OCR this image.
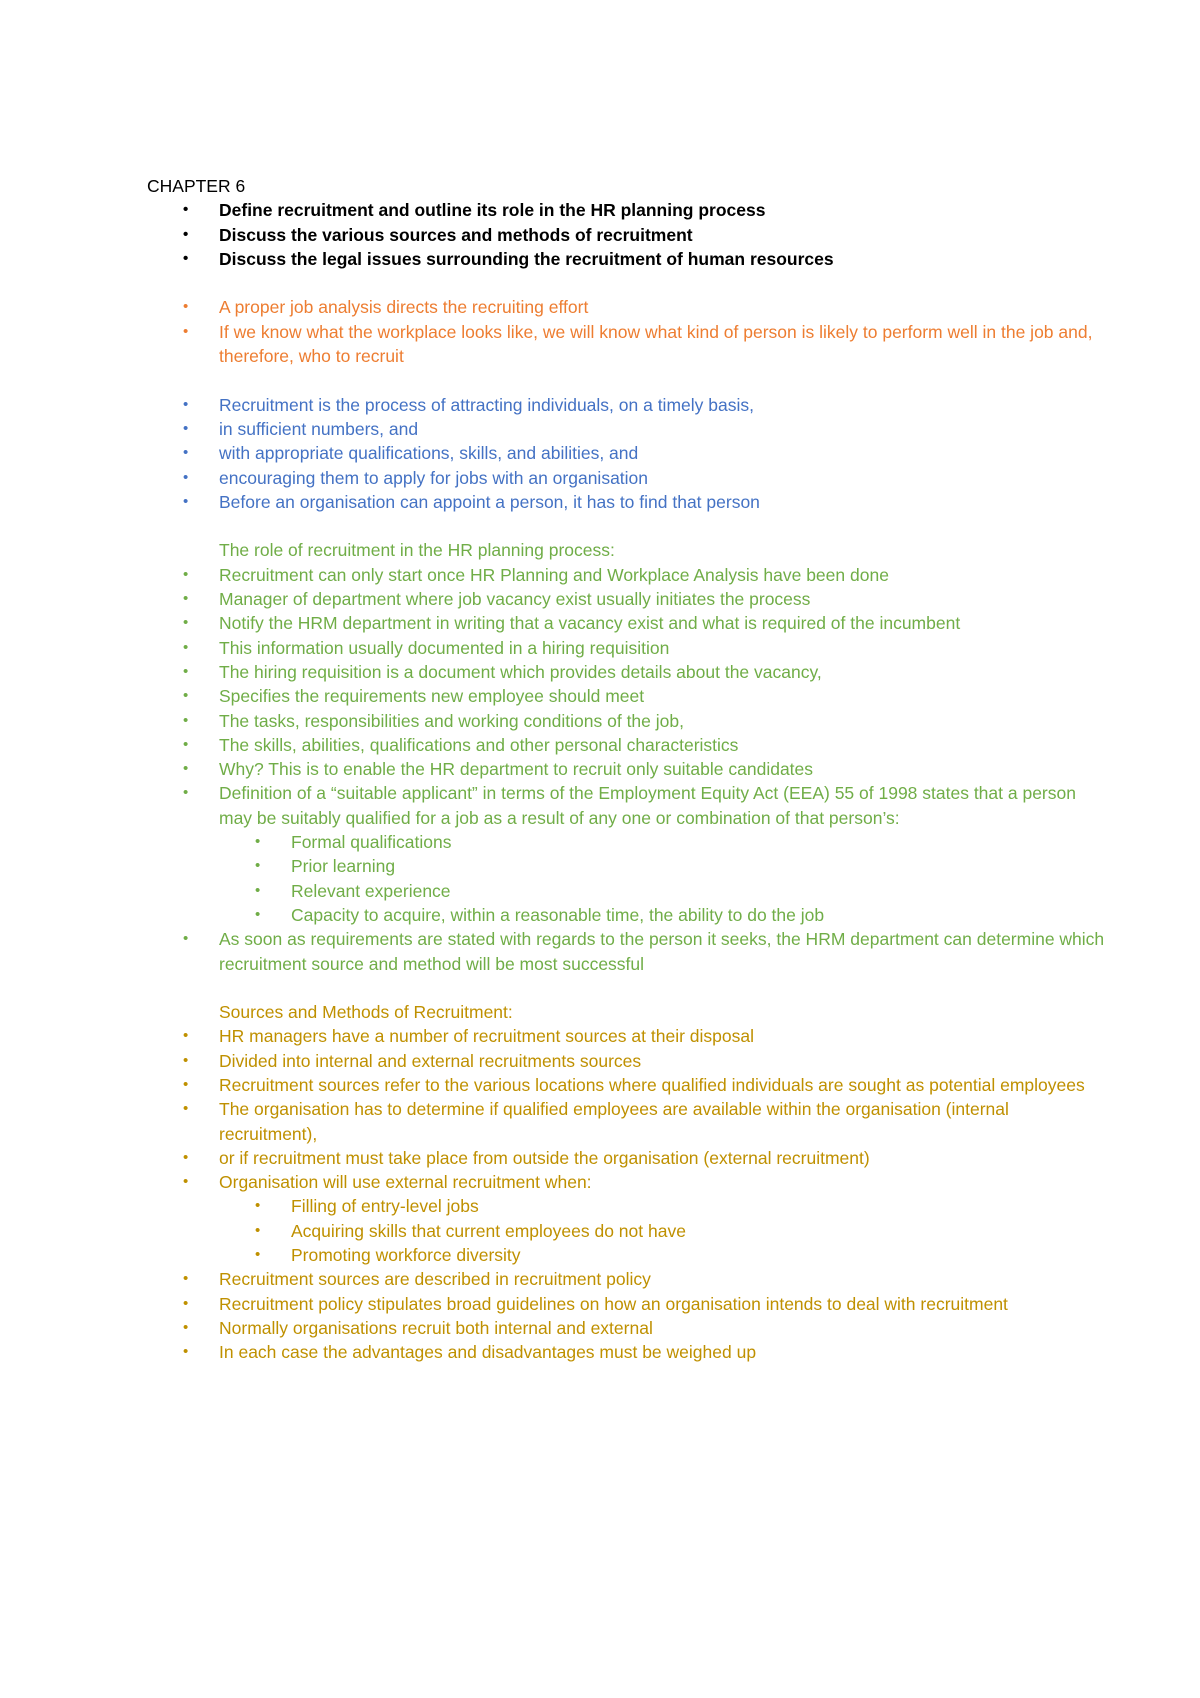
CHAPTER 6
• Define recruitment and outline its role in the HR planning process
• Discuss the various sources and methods of recruitment
• Discuss the legal issues surrounding the recruitment of human resources
• A proper job analysis directs the recruiting effort
• If we know what the workplace looks like, we will know what kind of person is likely to perform well in the job and, therefore, who to recruit
• Recruitment is the process of attracting individuals, on a timely basis,
• in sufficient numbers, and
• with appropriate qualifications, skills, and abilities, and
• encouraging them to apply for jobs with an organisation
• Before an organisation can appoint a person, it has to find that person
The role of recruitment in the HR planning process:
• Recruitment can only start once HR Planning and Workplace Analysis have been done
• Manager of department where job vacancy exist usually initiates the process
• Notify the HRM department in writing that a vacancy exist and what is required of the incumbent
• This information usually documented in a hiring requisition
• The hiring requisition is a document which provides details about the vacancy,
• Specifies the requirements new employee should meet
• The tasks, responsibilities and working conditions of the job,
• The skills, abilities, qualifications and other personal characteristics
• Why? This is to enable the HR department to recruit only suitable candidates
• Definition of a “suitable applicant” in terms of the Employment Equity Act (EEA) 55 of 1998 states that a person may be suitably qualified for a job as a result of any one or combination of that person’s:
• Formal qualifications
• Prior learning
• Relevant experience
• Capacity to acquire, within a reasonable time, the ability to do the job
• As soon as requirements are stated with regards to the person it seeks, the HRM department can determine which recruitment source and method will be most successful
Sources and Methods of Recruitment:
• HR managers have a number of recruitment sources at their disposal
• Divided into internal and external recruitments sources
• Recruitment sources refer to the various locations where qualified individuals are sought as potential employees
• The organisation has to determine if qualified employees are available within the organisation (internal recruitment),
• or if recruitment must take place from outside the organisation (external recruitment)
• Organisation will use external recruitment when:
• Filling of entry-level jobs
• Acquiring skills that current employees do not have
• Promoting workforce diversity
• Recruitment sources are described in recruitment policy
• Recruitment policy stipulates broad guidelines on how an organisation intends to deal with recruitment
• Normally organisations recruit both internal and external
• In each case the advantages and disadvantages must be weighed up
